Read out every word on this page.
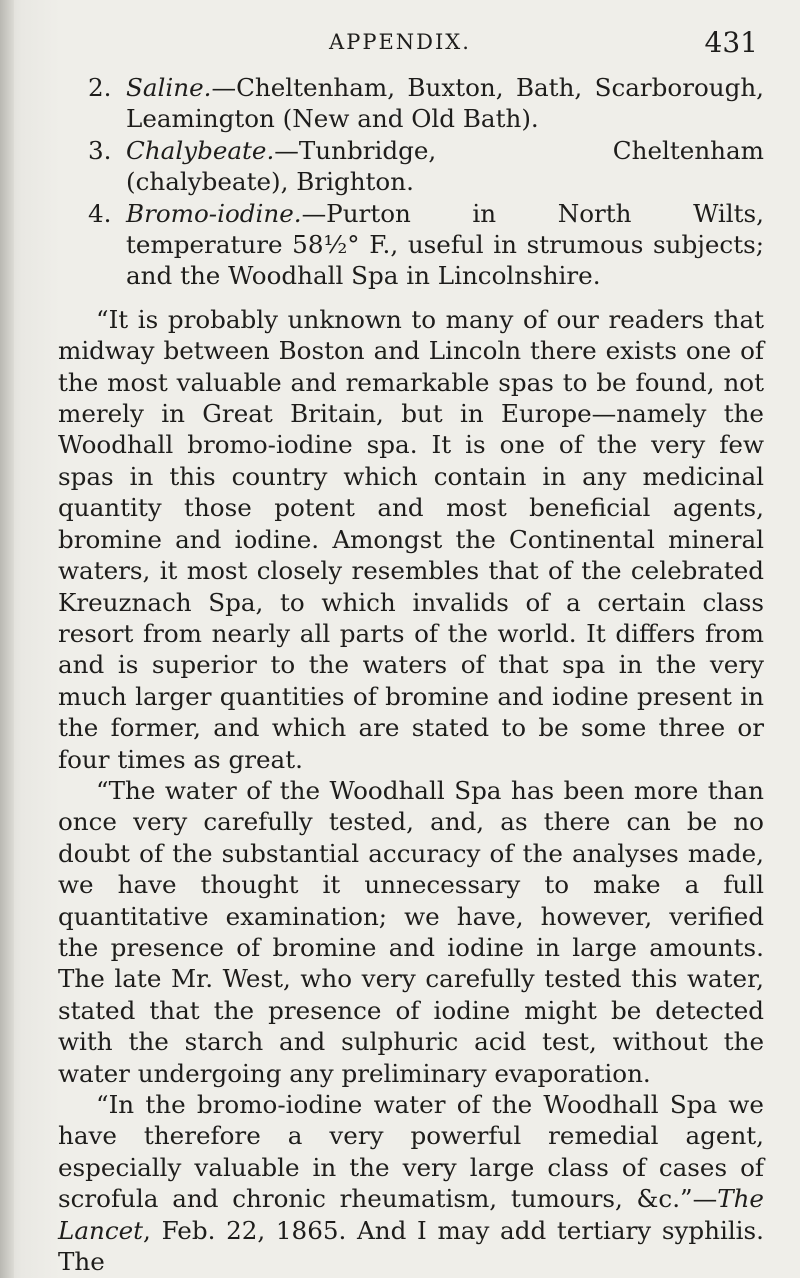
APPENDIX.	431
2. Saline.—Cheltenham, Buxton, Bath, Scarborough, Leamington (New and Old Bath).
3. Chalybeate.—Tunbridge, Cheltenham (chalybeate), Brighton.
4. Bromo-iodine.—Purton in North Wilts, temperature 58½° F., useful in strumous subjects; and the Woodhall Spa in Lincolnshire.

“It is probably unknown to many of our readers that midway between Boston and Lincoln there exists one of the most valuable and remarkable spas to be found, not merely in Great Britain, but in Europe—namely the Woodhall bromo-iodine spa. It is one of the very few spas in this country which contain in any medicinal quantity those potent and most beneficial agents, bromine and iodine. Amongst the Continental mineral waters, it most closely resembles that of the celebrated Kreuznach Spa, to which invalids of a certain class resort from nearly all parts of the world. It differs from and is superior to the waters of that spa in the very much larger quantities of bromine and iodine present in the former, and which are stated to be some three or four times as great.

“The water of the Woodhall Spa has been more than once very carefully tested, and, as there can be no doubt of the substantial accuracy of the analyses made, we have thought it unnecessary to make a full quantitative examination; we have, however, verified the presence of bromine and iodine in large amounts. The late Mr. West, who very carefully tested this water, stated that the presence of iodine might be detected with the starch and sulphuric acid test, without the water undergoing any preliminary evaporation.

“In the bromo-iodine water of the Woodhall Spa we have therefore a very powerful remedial agent, especially valuable in the very large class of cases of scrofula and chronic rheumatism, tumours, &c.”—The Lancet, Feb. 22, 1865. And I may add tertiary syphilis. The
